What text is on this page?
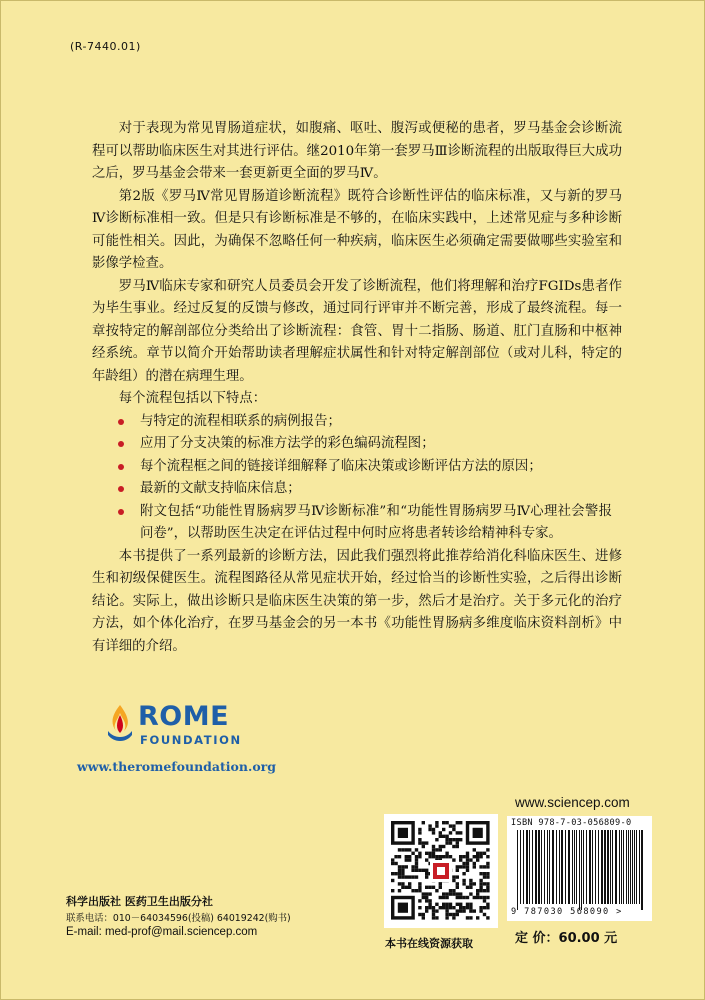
(R-7440.01)

对于表现为常见胃肠道症状，如腹痛、呕吐、腹泻或便秘的患者，罗马基金会诊断流程可以帮助临床医生对其进行评估。继2010年第一套罗马Ⅲ诊断流程的出版取得巨大成功之后，罗马基金会带来一套更新更全面的罗马Ⅳ。

第2版《罗马Ⅳ常见胃肠道诊断流程》既符合诊断性评估的临床标准，又与新的罗马Ⅳ诊断标准相一致。但是只有诊断标准是不够的，在临床实践中，上述常见症与多种诊断可能性相关。因此，为确保不忽略任何一种疾病，临床医生必须确定需要做哪些实验室和影像学检查。

罗马Ⅳ临床专家和研究人员委员会开发了诊断流程，他们将理解和治疗FGIDs患者作为毕生事业。经过反复的反馈与修改，通过同行评审并不断完善，形成了最终流程。每一章按特定的解剖部位分类给出了诊断流程：食管、胃十二指肠、肠道、肛门直肠和中枢神经系统。章节以简介开始帮助读者理解症状属性和针对特定解剖部位（或对儿科，特定的年龄组）的潜在病理生理。

每个流程包括以下特点：

与特定的流程相联系的病例报告；
应用了分支决策的标准方法学的彩色编码流程图；
每个流程框之间的链接详细解释了临床决策或诊断评估方法的原因；
最新的文献支持临床信息；
附文包括“功能性胃肠病罗马Ⅳ诊断标准”和“功能性胃肠病罗马Ⅳ心理社会警报问卷”，以帮助医生决定在评估过程中何时应将患者转诊给精神科专家。

本书提供了一系列最新的诊断方法，因此我们强烈将此推荐给消化科临床医生、进修生和初级保健医生。流程图路径从常见症状开始，经过恰当的诊断性实验，之后得出诊断结论。实际上，做出诊断只是临床医生决策的第一步，然后才是治疗。关于多元化的治疗方法，如个体化治疗，在罗马基金会的另一本书《功能性胃肠病多维度临床资料剖析》中有详细的介绍。

ROME
FOUNDATION
www.theromefoundation.org
www.sciencep.com
本书在线资源获取
ISBN 978-7-03-056809-0
9 787030 568090 >
定 价：60.00 元
科学出版社 医药卫生出版分社
联系电话：010－64034596(投稿) 64019242(购书)
E-mail: med-prof@mail.sciencep.com
